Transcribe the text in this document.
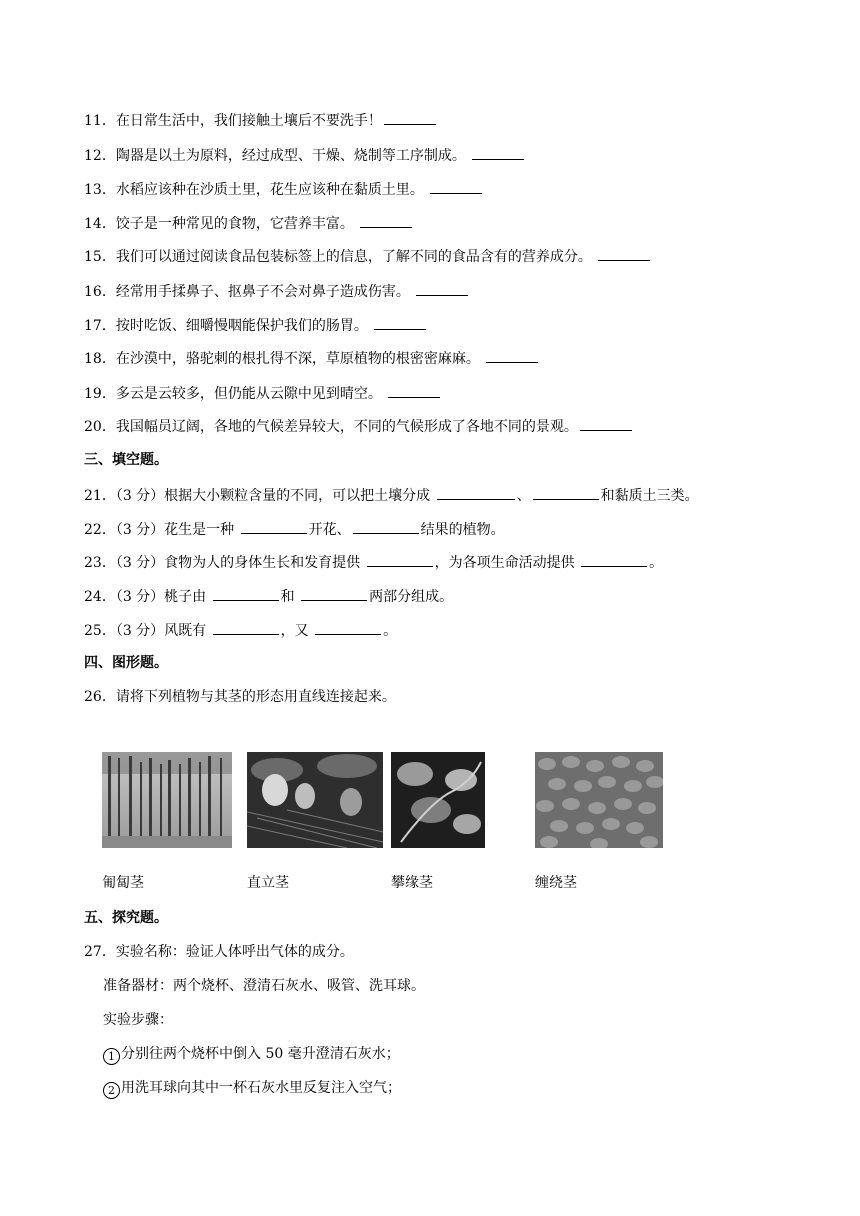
11．在日常生活中，我们接触土壤后不要洗手！
12．陶器是以土为原料，经过成型、干燥、烧制等工序制成。
13．水稻应该种在沙质土里，花生应该种在黏质土里。
14．饺子是一种常见的食物，它营养丰富。
15．我们可以通过阅读食品包装标签上的信息，了解不同的食品含有的营养成分。
16．经常用手揉鼻子、抠鼻子不会对鼻子造成伤害。
17．按时吃饭、细嚼慢咽能保护我们的肠胃。
18．在沙漠中，骆驼刺的根扎得不深，草原植物的根密密麻麻。
19．多云是云较多，但仍能从云隙中见到晴空。
20．我国幅员辽阔，各地的气候差异较大，不同的气候形成了各地不同的景观。
三、填空题。
21．（3 分）根据大小颗粒含量的不同，可以把土壤分成	、	和黏质土三类。
22．（3 分）花生是一种	开花、	结果的植物。
23．（3 分）食物为人的身体生长和发育提供	，为各项生命活动提供	。
24．（3 分）桃子由	和	两部分组成。
25．（3 分）风既有	，又	。
四、图形题。
26．请将下列植物与其茎的形态用直线连接起来。
匍匐茎	直立茎	攀缘茎	缠绕茎
五、探究题。
27．实验名称：验证人体呼出气体的成分。
准备器材：两个烧杯、澄清石灰水、吸管、洗耳球。
实验步骤：
1 分别往两个烧杯中倒入 50 毫升澄清石灰水；
2 用洗耳球向其中一杯石灰水里反复注入空气；
